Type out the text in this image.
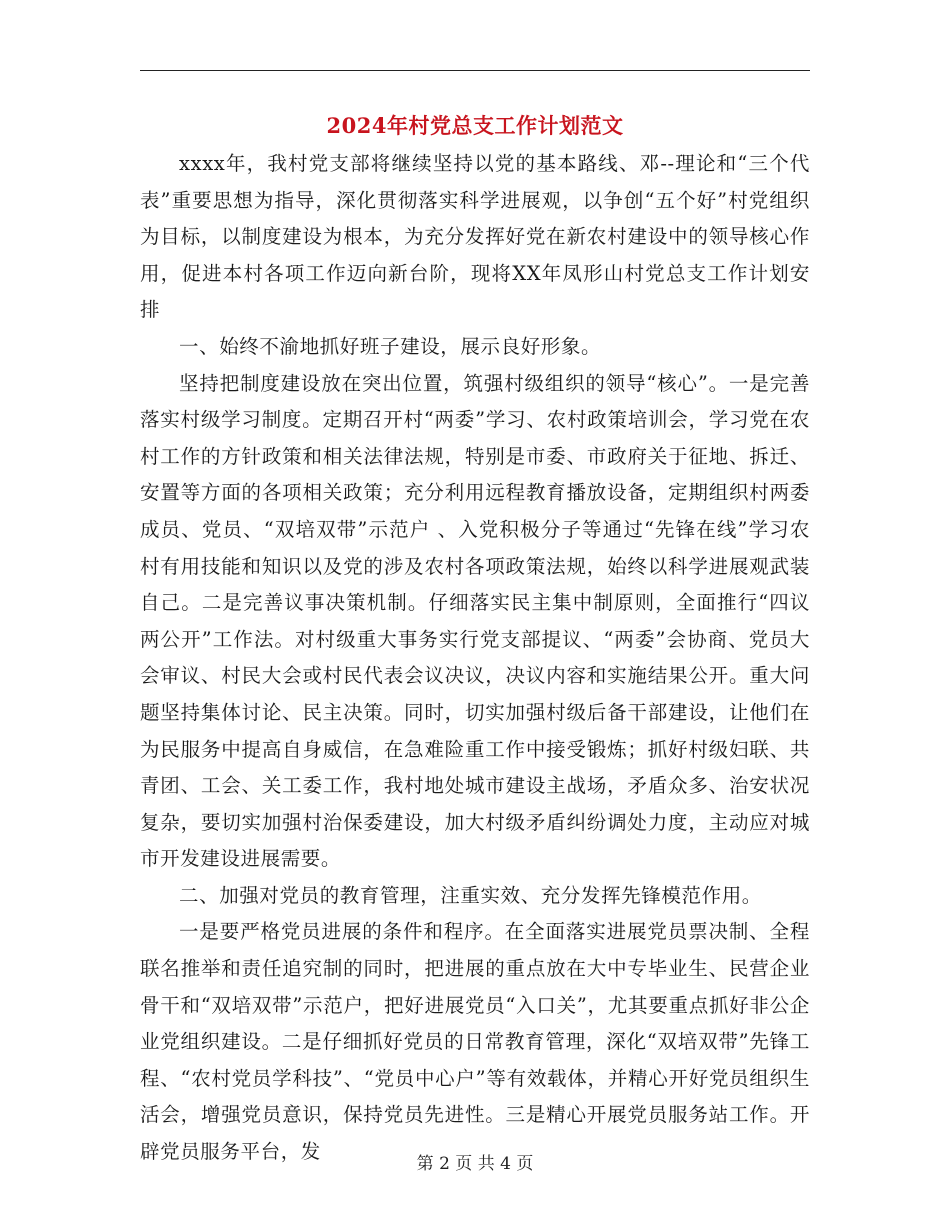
2024年村党总支工作计划范文

xxxx年，我村党支部将继续坚持以党的基本路线、邓--理论和“三个代表”重要思想为指导，深化贯彻落实科学进展观，以争创“五个好”村党组织为目标，以制度建设为根本，为充分发挥好党在新农村建设中的领导核心作用，促进本村各项工作迈向新台阶，现将XX年凤形山村党总支工作计划安排

一、始终不渝地抓好班子建设，展示良好形象。

坚持把制度建设放在突出位置，筑强村级组织的领导“核心”。一是完善落实村级学习制度。定期召开村“两委”学习、农村政策培训会，学习党在农村工作的方针政策和相关法律法规，特别是市委、市政府关于征地、拆迁、安置等方面的各项相关政策；充分利用远程教育播放设备，定期组织村两委成员、党员、“双培双带”示范户 、入党积极分子等通过“先锋在线”学习农村有用技能和知识以及党的涉及农村各项政策法规，始终以科学进展观武装自己。二是完善议事决策机制。仔细落实民主集中制原则，全面推行“四议两公开”工作法。对村级重大事务实行党支部提议、“两委”会协商、党员大会审议、村民大会或村民代表会议决议，决议内容和实施结果公开。重大问题坚持集体讨论、民主决策。同时，切实加强村级后备干部建设，让他们在为民服务中提高自身威信，在急难险重工作中接受锻炼；抓好村级妇联、共青团、工会、关工委工作，我村地处城市建设主战场，矛盾众多、治安状况复杂，要切实加强村治保委建设，加大村级矛盾纠纷调处力度，主动应对城市开发建设进展需要。

二、加强对党员的教育管理，注重实效、充分发挥先锋模范作用。

一是要严格党员进展的条件和程序。在全面落实进展党员票决制、全程联名推举和责任追究制的同时，把进展的重点放在大中专毕业生、民营企业骨干和“双培双带”示范户，把好进展党员“入口关”，尤其要重点抓好非公企业党组织建设。二是仔细抓好党员的日常教育管理，深化“双培双带”先锋工程、“农村党员学科技”、“党员中心户”等有效载体，并精心开好党员组织生活会，增强党员意识，保持党员先进性。三是精心开展党员服务站工作。开辟党员服务平台，发

第 2 页 共 4 页
